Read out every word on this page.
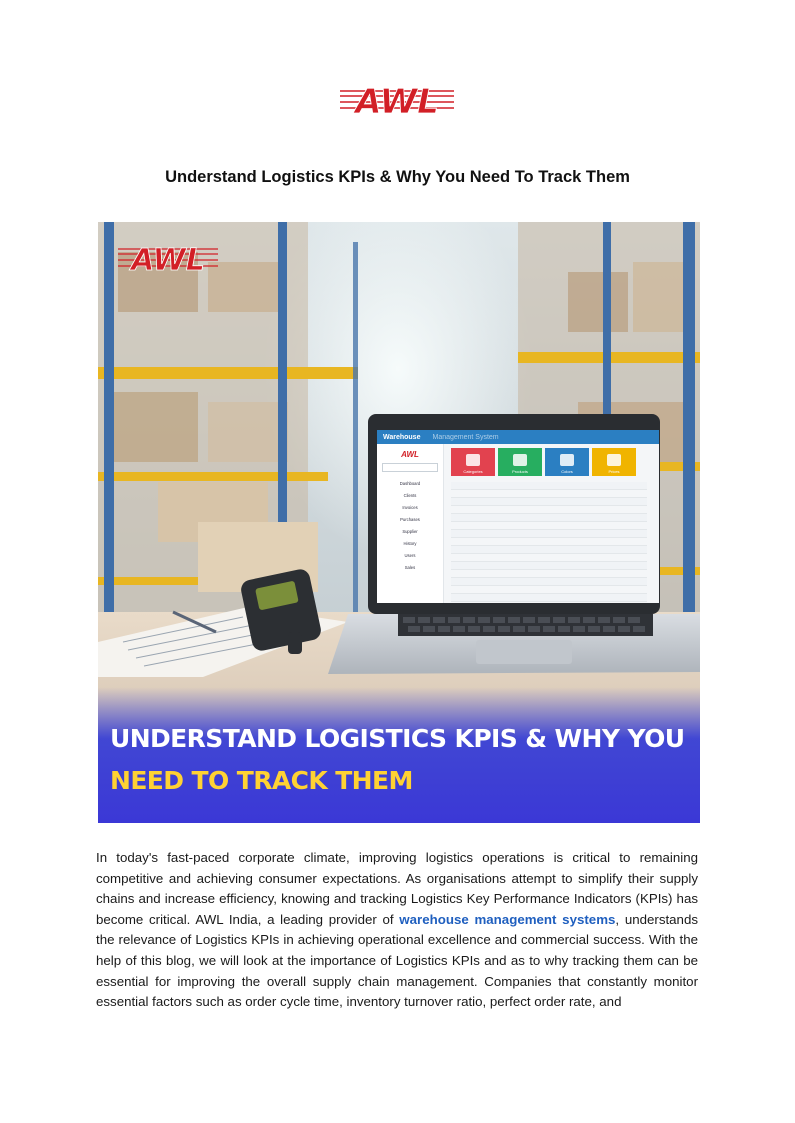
AWL
Understand Logistics KPIs & Why You Need To Track Them
Warehouse Management System
AWL
Dashboard
Clients
Invoices
Purchases
Supplier
History
Users
Sales
Categories	Products	Colors	Prices
AWL
UNDERSTAND LOGISTICS KPIS & WHY YOU
NEED TO TRACK THEM

In today's fast-paced corporate climate, improving logistics operations is critical to remaining competitive and achieving consumer expectations. As organisations attempt to simplify their supply chains and increase efficiency, knowing and tracking Logistics Key Performance Indicators (KPIs) has become critical. AWL India, a leading provider of warehouse management systems, understands the relevance of Logistics KPIs in achieving operational excellence and commercial success. With the help of this blog, we will look at the importance of Logistics KPIs and as to why tracking them can be essential for improving the overall supply chain management. Companies that constantly monitor essential factors such as order cycle time, inventory turnover ratio, perfect order rate, and
